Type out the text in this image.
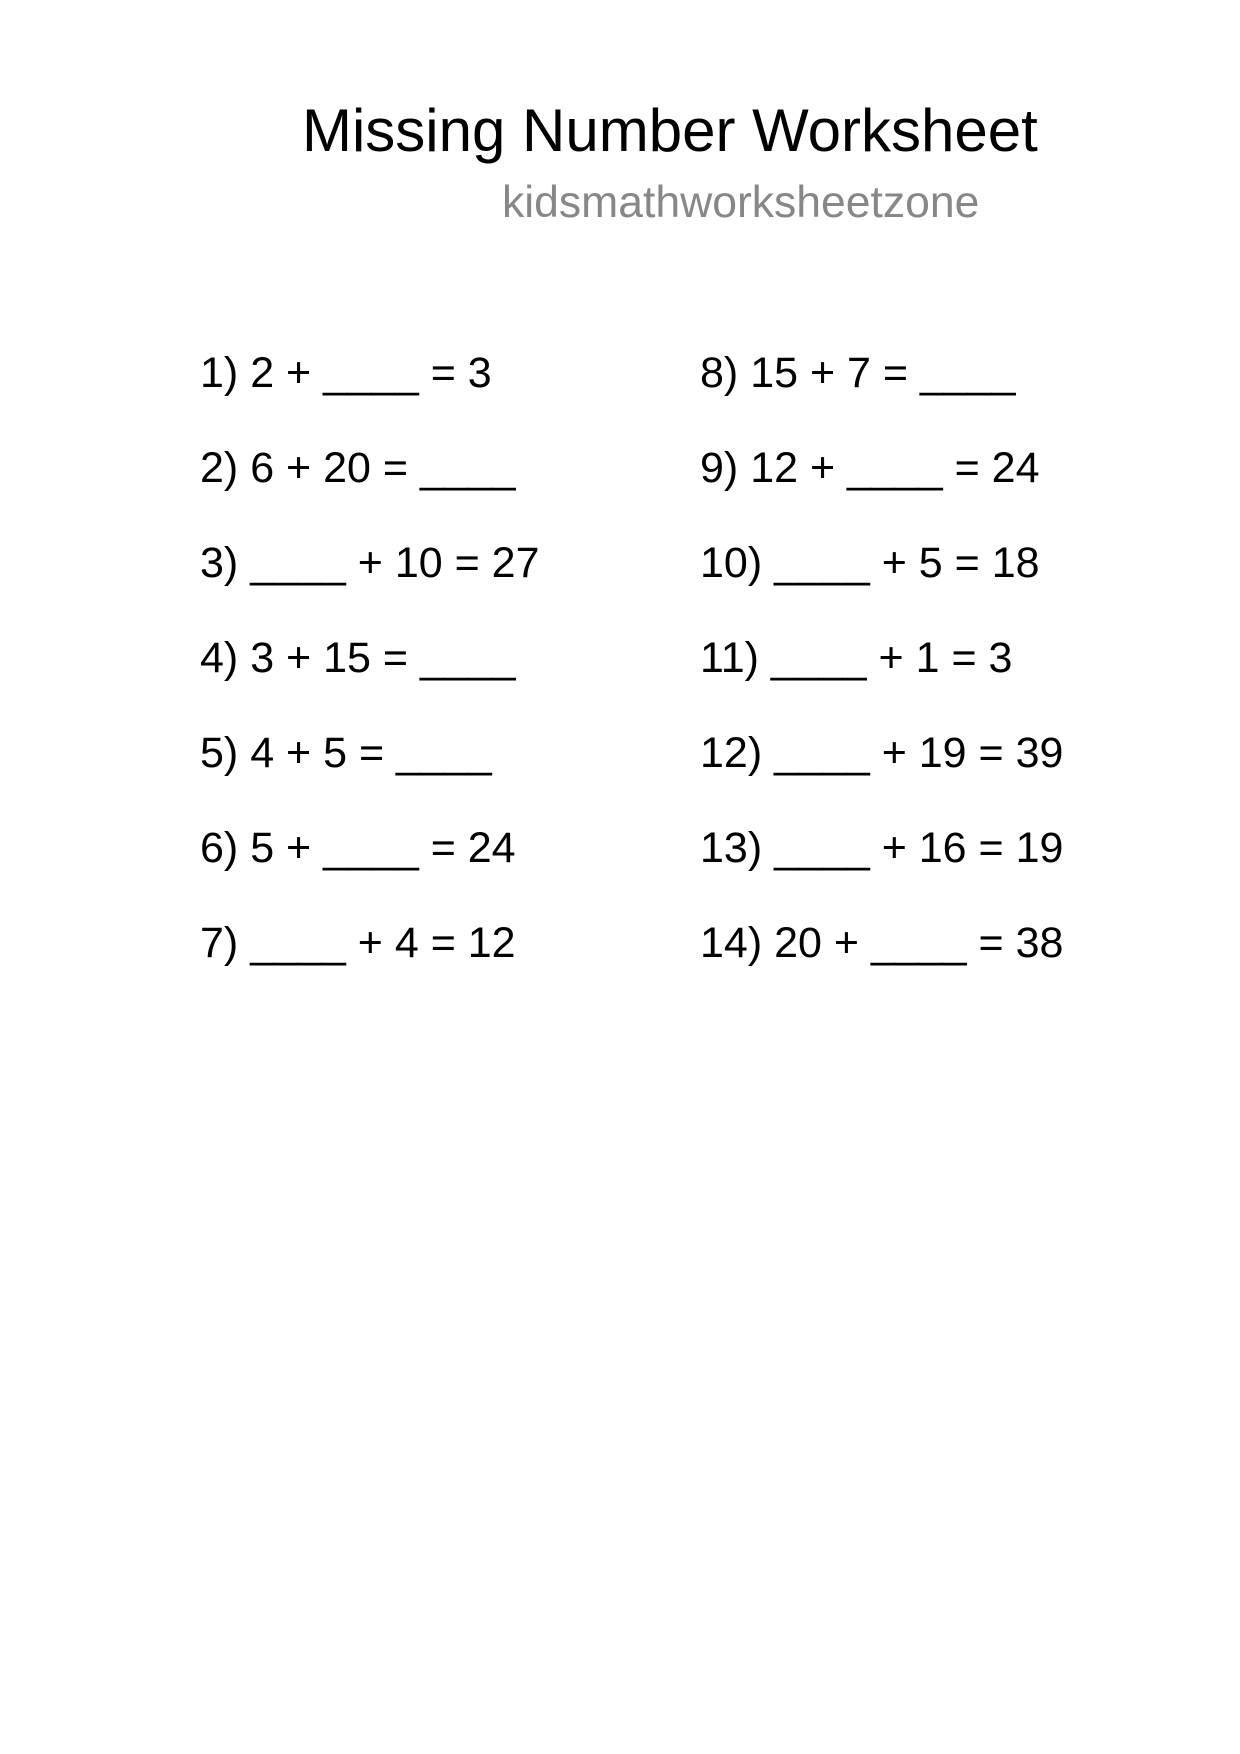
Missing Number Worksheet
kidsmathworksheetzone
1) 2 + ____ = 3
2) 6 + 20 = ____
3) ____ + 10 = 27
4) 3 + 15 = ____
5) 4 + 5 = ____
6) 5 + ____ = 24
7) ____ + 4 = 12
8) 15 + 7 = ____
9) 12 + ____ = 24
10) ____ + 5 = 18
11) ____ + 1 = 3
12) ____ + 19 = 39
13) ____ + 16 = 19
14) 20 + ____ = 38
